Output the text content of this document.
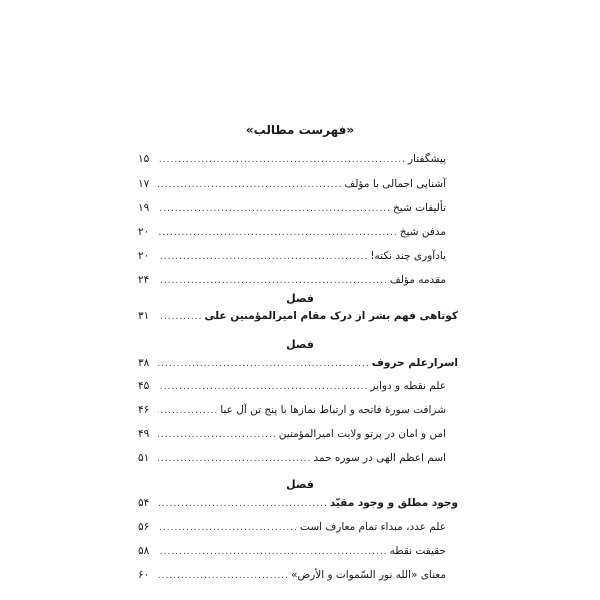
«فهرست مطالب»
پیشگفتار
.....
۱۵
آشنایی اجمالی با مؤلف
.....
۱۷
تألیفات شیخ
.....
۱۹
مدفن شیخ
.....
۲۰
یادآوری چند نکته!
.....
۲۰
مقدمه مؤلف
.....
۲۴
فصل
کوتاهی فهم بشر از درک مقام امیرالمؤمنین علی
.....
۳۱
فصل
اسرارعلم حروف
.....
۳۸
علم نقطه و دوایر
.....
۴۵
شرافت سورهٔ فاتحه و ارتباط نمازها با پنج تن آل عبا
.....
۴۶
امن و امان در پرتو ولایت امیرالمؤمنین
.....
۴۹
اسم اعظم الهی در سوره حمد
.....
۵۱
فصل
وجود مطلق و وجود مقیّد
.....
۵۴
علم عدد، مبداء تمام معارف است
.....
۵۶
حقیقت نقطه
.....
۵۸
معنای «الله نور السّموات و الأرض»
.....
۶۰
